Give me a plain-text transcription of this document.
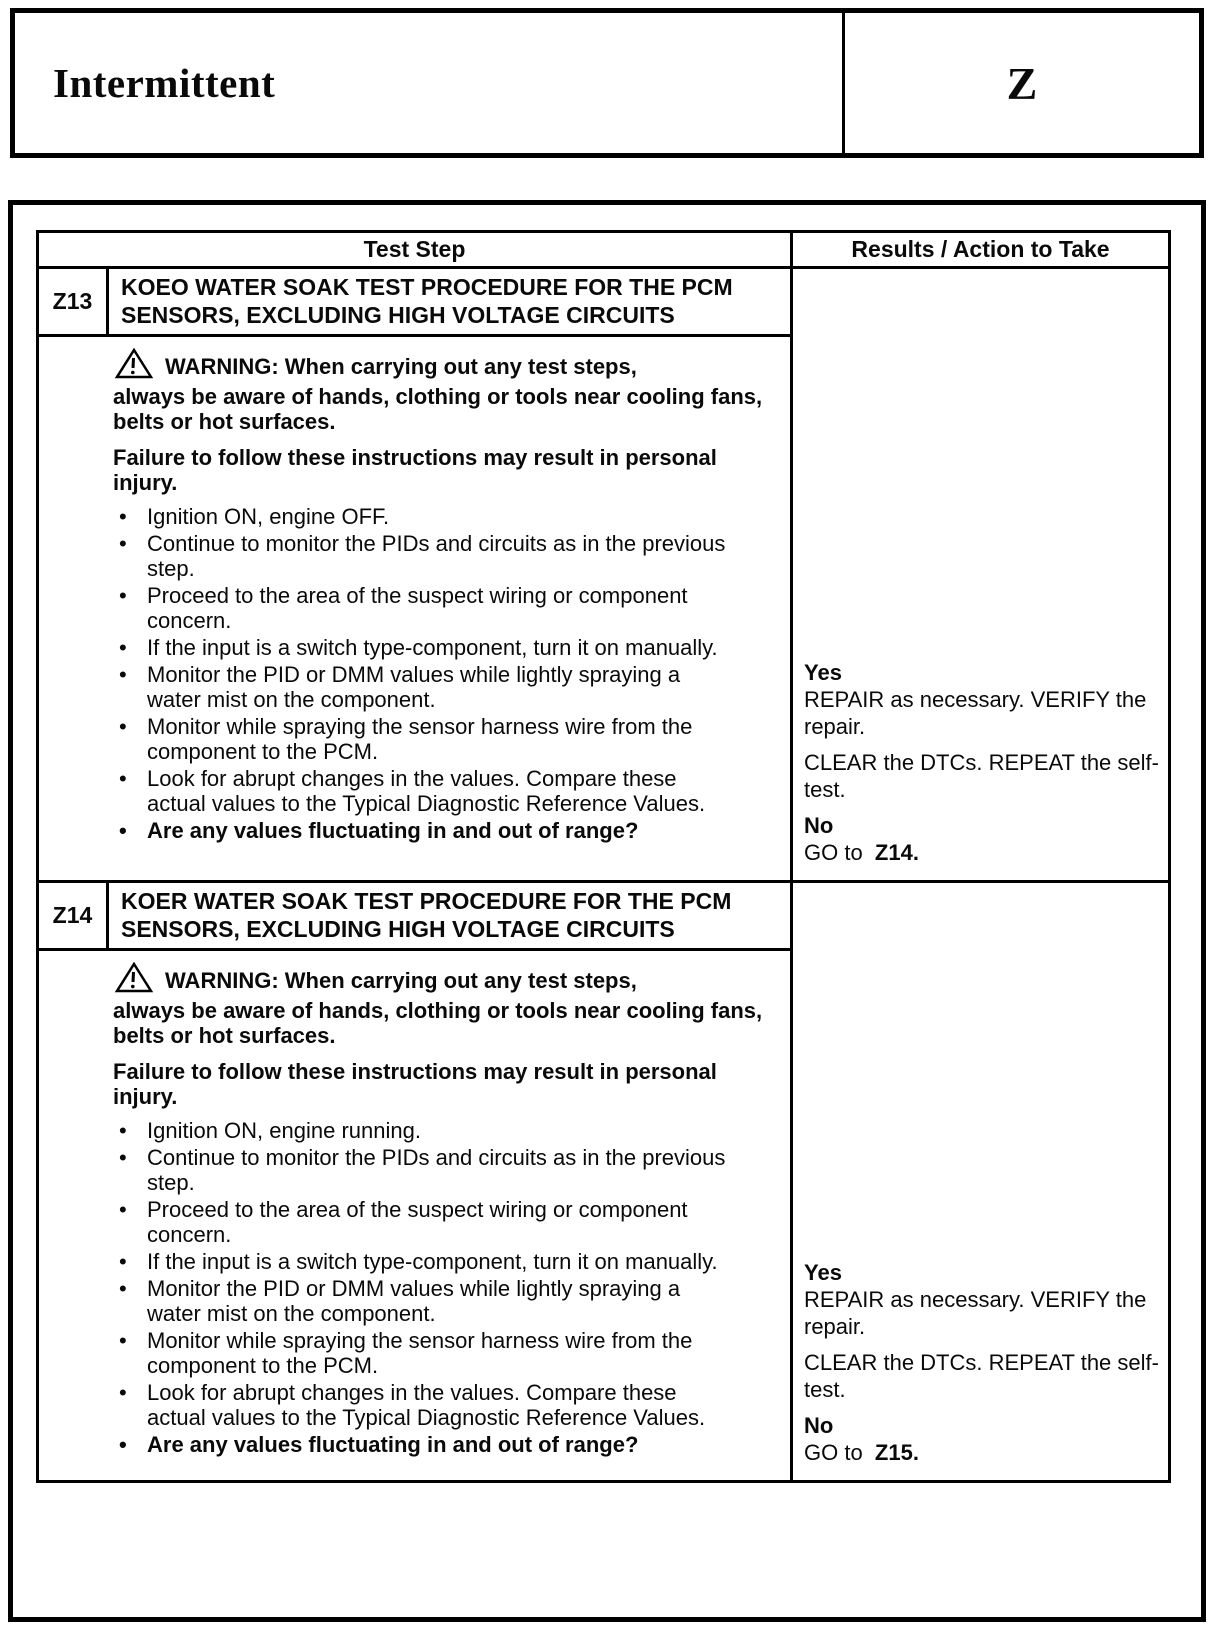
Intermittent	Z
Test Step	Results / Action to Take
Z13
KOEO WATER SOAK TEST PROCEDURE FOR THE PCM SENSORS, EXCLUDING HIGH VOLTAGE CIRCUITS

WARNING: When carrying out any test steps,
always be aware of hands, clothing or tools near cooling fans, belts or hot surfaces.

Failure to follow these instructions may result in personal injury.

• Ignition ON, engine OFF.
• Continue to monitor the PIDs and circuits as in the previous step.
• Proceed to the area of the suspect wiring or component concern.
• If the input is a switch type-component, turn it on manually.
• Monitor the PID or DMM values while lightly spraying a water mist on the component.
• Monitor while spraying the sensor harness wire from the component to the PCM.
• Look for abrupt changes in the values. Compare these actual values to the Typical Diagnostic Reference Values.
• Are any values fluctuating in and out of range?

Yes

REPAIR as necessary. VERIFY the repair.

CLEAR the DTCs. REPEAT the self-test.

No

GO to Z14.

Z14
KOER WATER SOAK TEST PROCEDURE FOR THE PCM SENSORS, EXCLUDING HIGH VOLTAGE CIRCUITS

WARNING: When carrying out any test steps,
always be aware of hands, clothing or tools near cooling fans, belts or hot surfaces.

Failure to follow these instructions may result in personal injury.

• Ignition ON, engine running.
• Continue to monitor the PIDs and circuits as in the previous step.
• Proceed to the area of the suspect wiring or component concern.
• If the input is a switch type-component, turn it on manually.
• Monitor the PID or DMM values while lightly spraying a water mist on the component.
• Monitor while spraying the sensor harness wire from the component to the PCM.
• Look for abrupt changes in the values. Compare these actual values to the Typical Diagnostic Reference Values.
• Are any values fluctuating in and out of range?

Yes

REPAIR as necessary. VERIFY the repair.

CLEAR the DTCs. REPEAT the self-test.

No

GO to Z15.
